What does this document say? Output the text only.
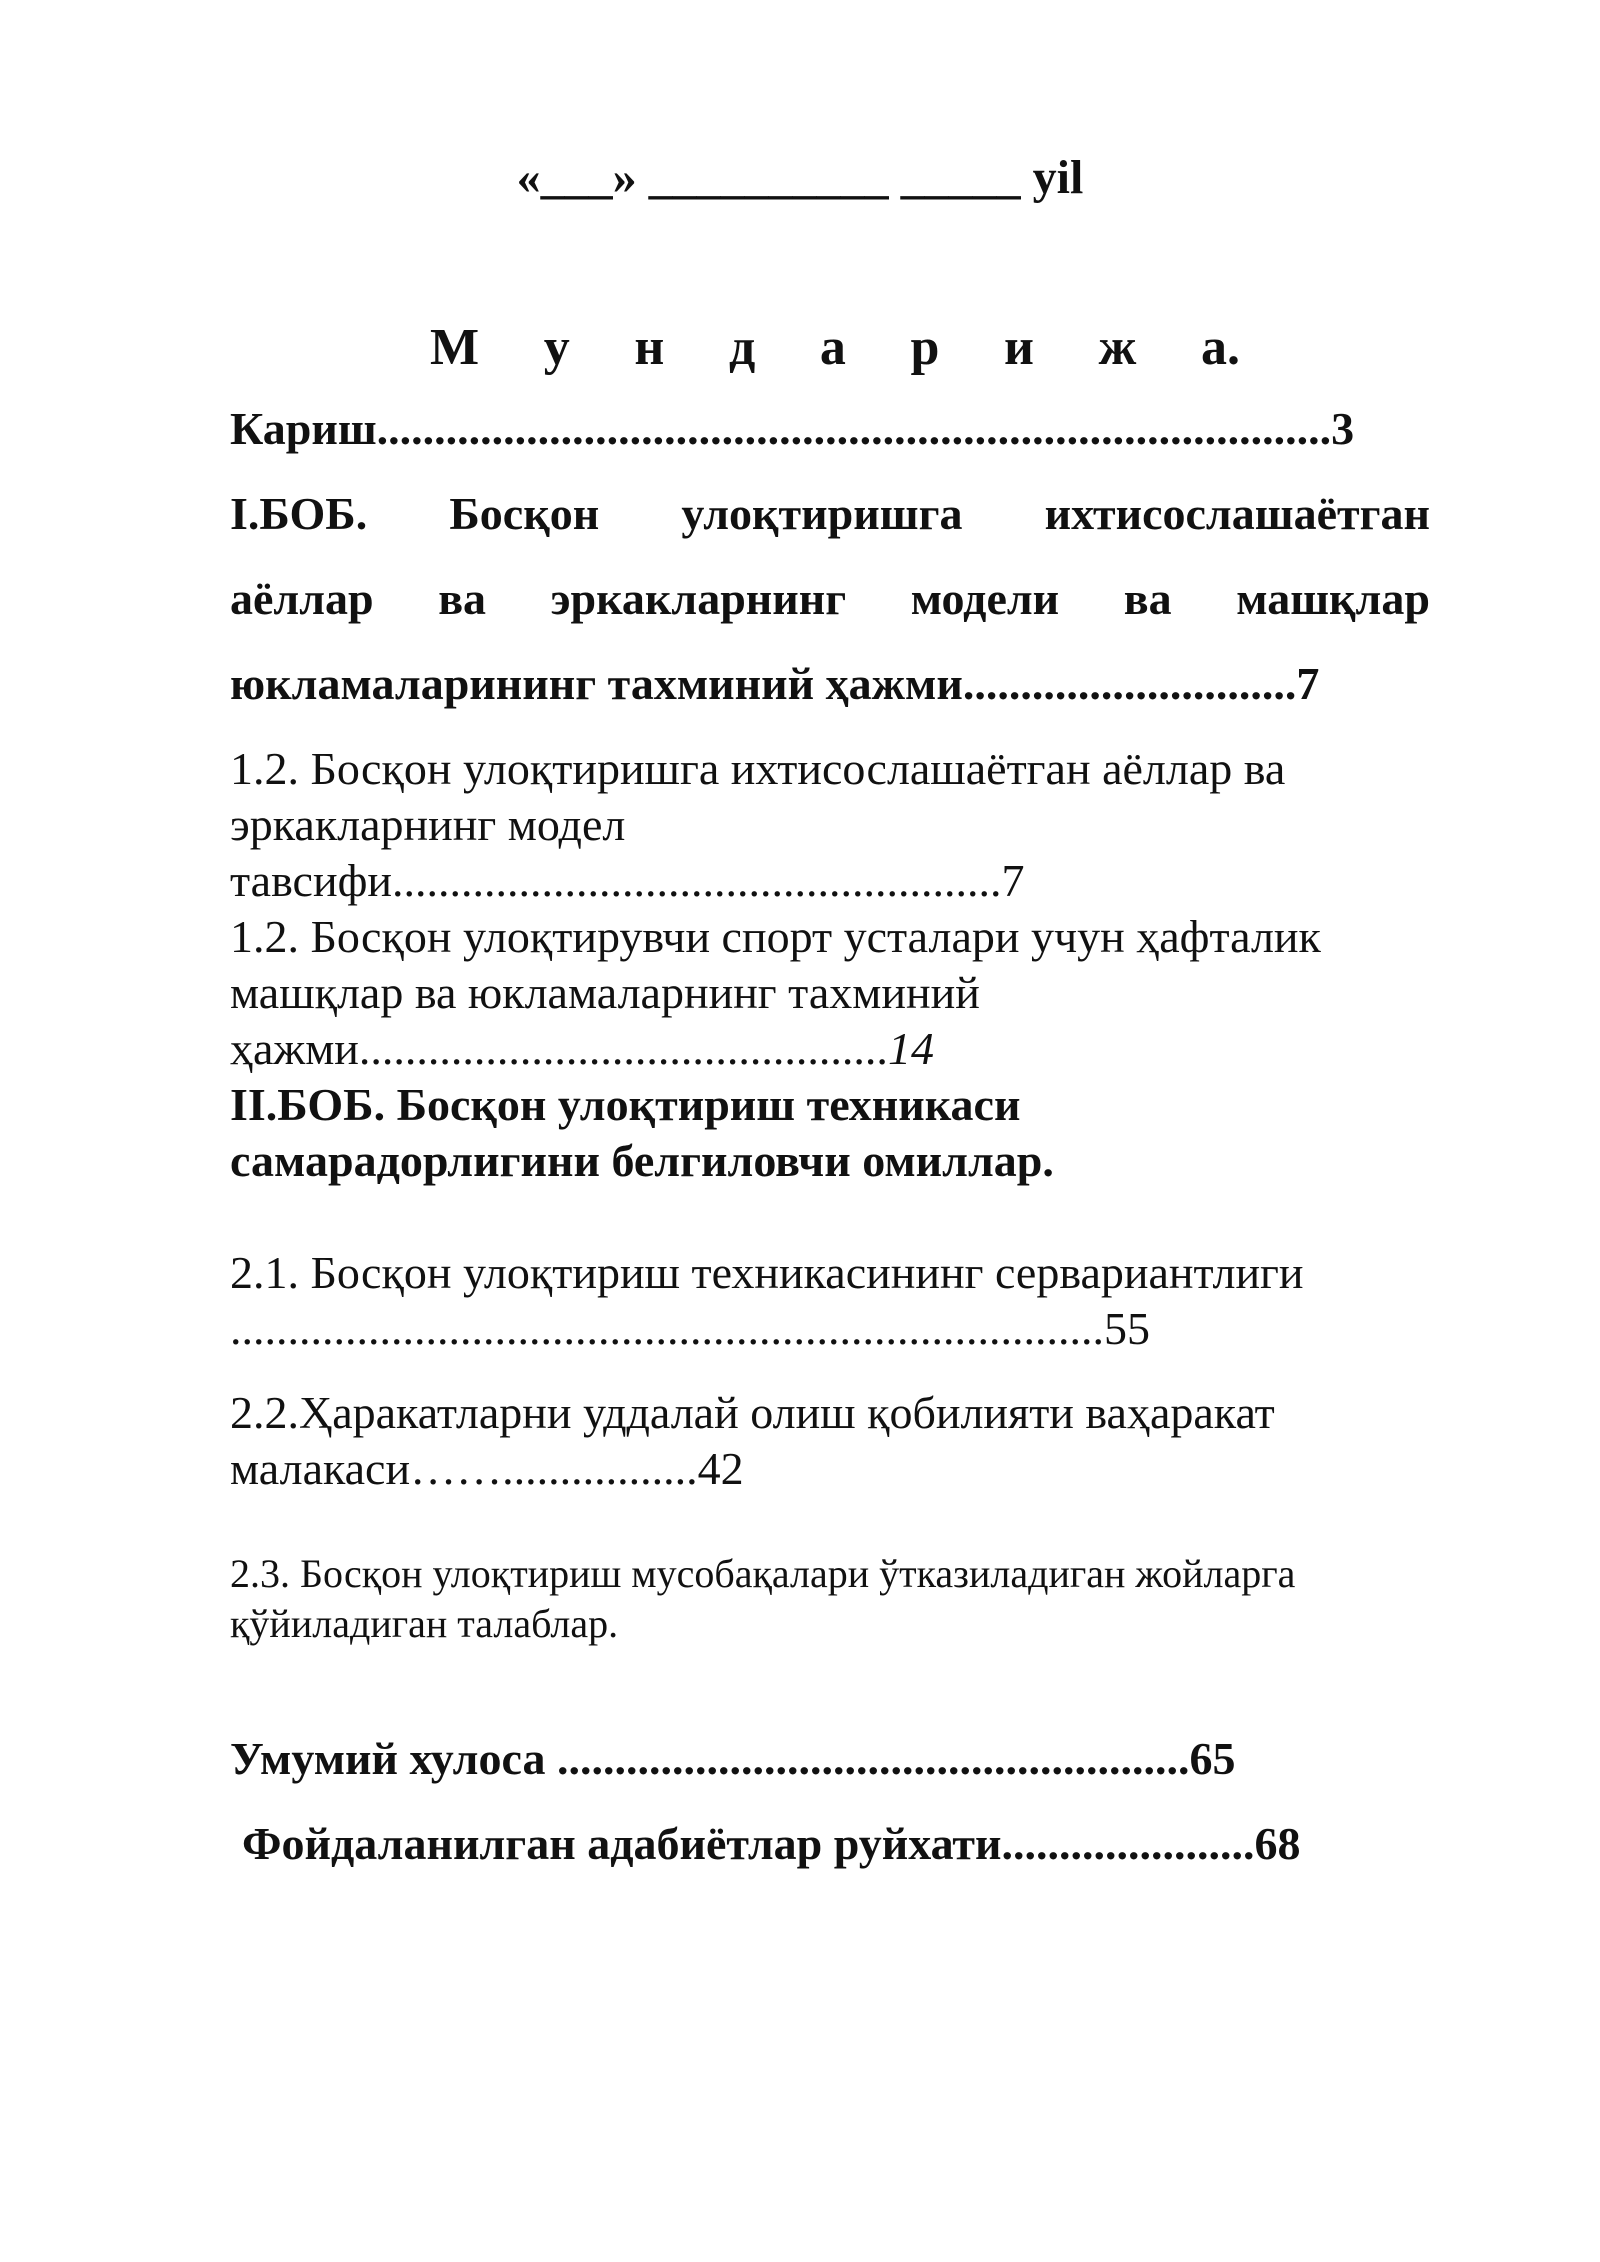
«___» __________ _____ yil

М у н д а р и ж а.

Кариш...................................................................................3

I.БОБ. Босқон улоқтиришга ихтисослашаётган
аёллар ва эркакларнинг модели ва машқлар

юкламаларининг тахминий ҳажми.............................7

1.2. Босқон улоқтиришга ихтисослашаётган аёллар ва

эркакларнинг модел

тавсифи.....................................................7

1.2. Босқон улоқтирувчи спорт усталари учун ҳафталик

машқлар ва юкламаларнинг тахминий

ҳажми..............................................14

II.БОБ. Босқон улоқтириш техникаси

самарадорлигини белгиловчи омиллар.

2.1. Босқон улоқтириш техникасининг сервариантлиги

............................................................................55

2.2.Ҳаракатларни уддалай олиш қобилияти ваҳаракат

малакаси…….................42

2.3. Босқон улоқтириш мусобақалари ўтказиладиган жойларга

қўйиладиган талаблар.

Умумий хулоса .......................................................65

Фойдаланилган адабиётлар руйхати......................68
